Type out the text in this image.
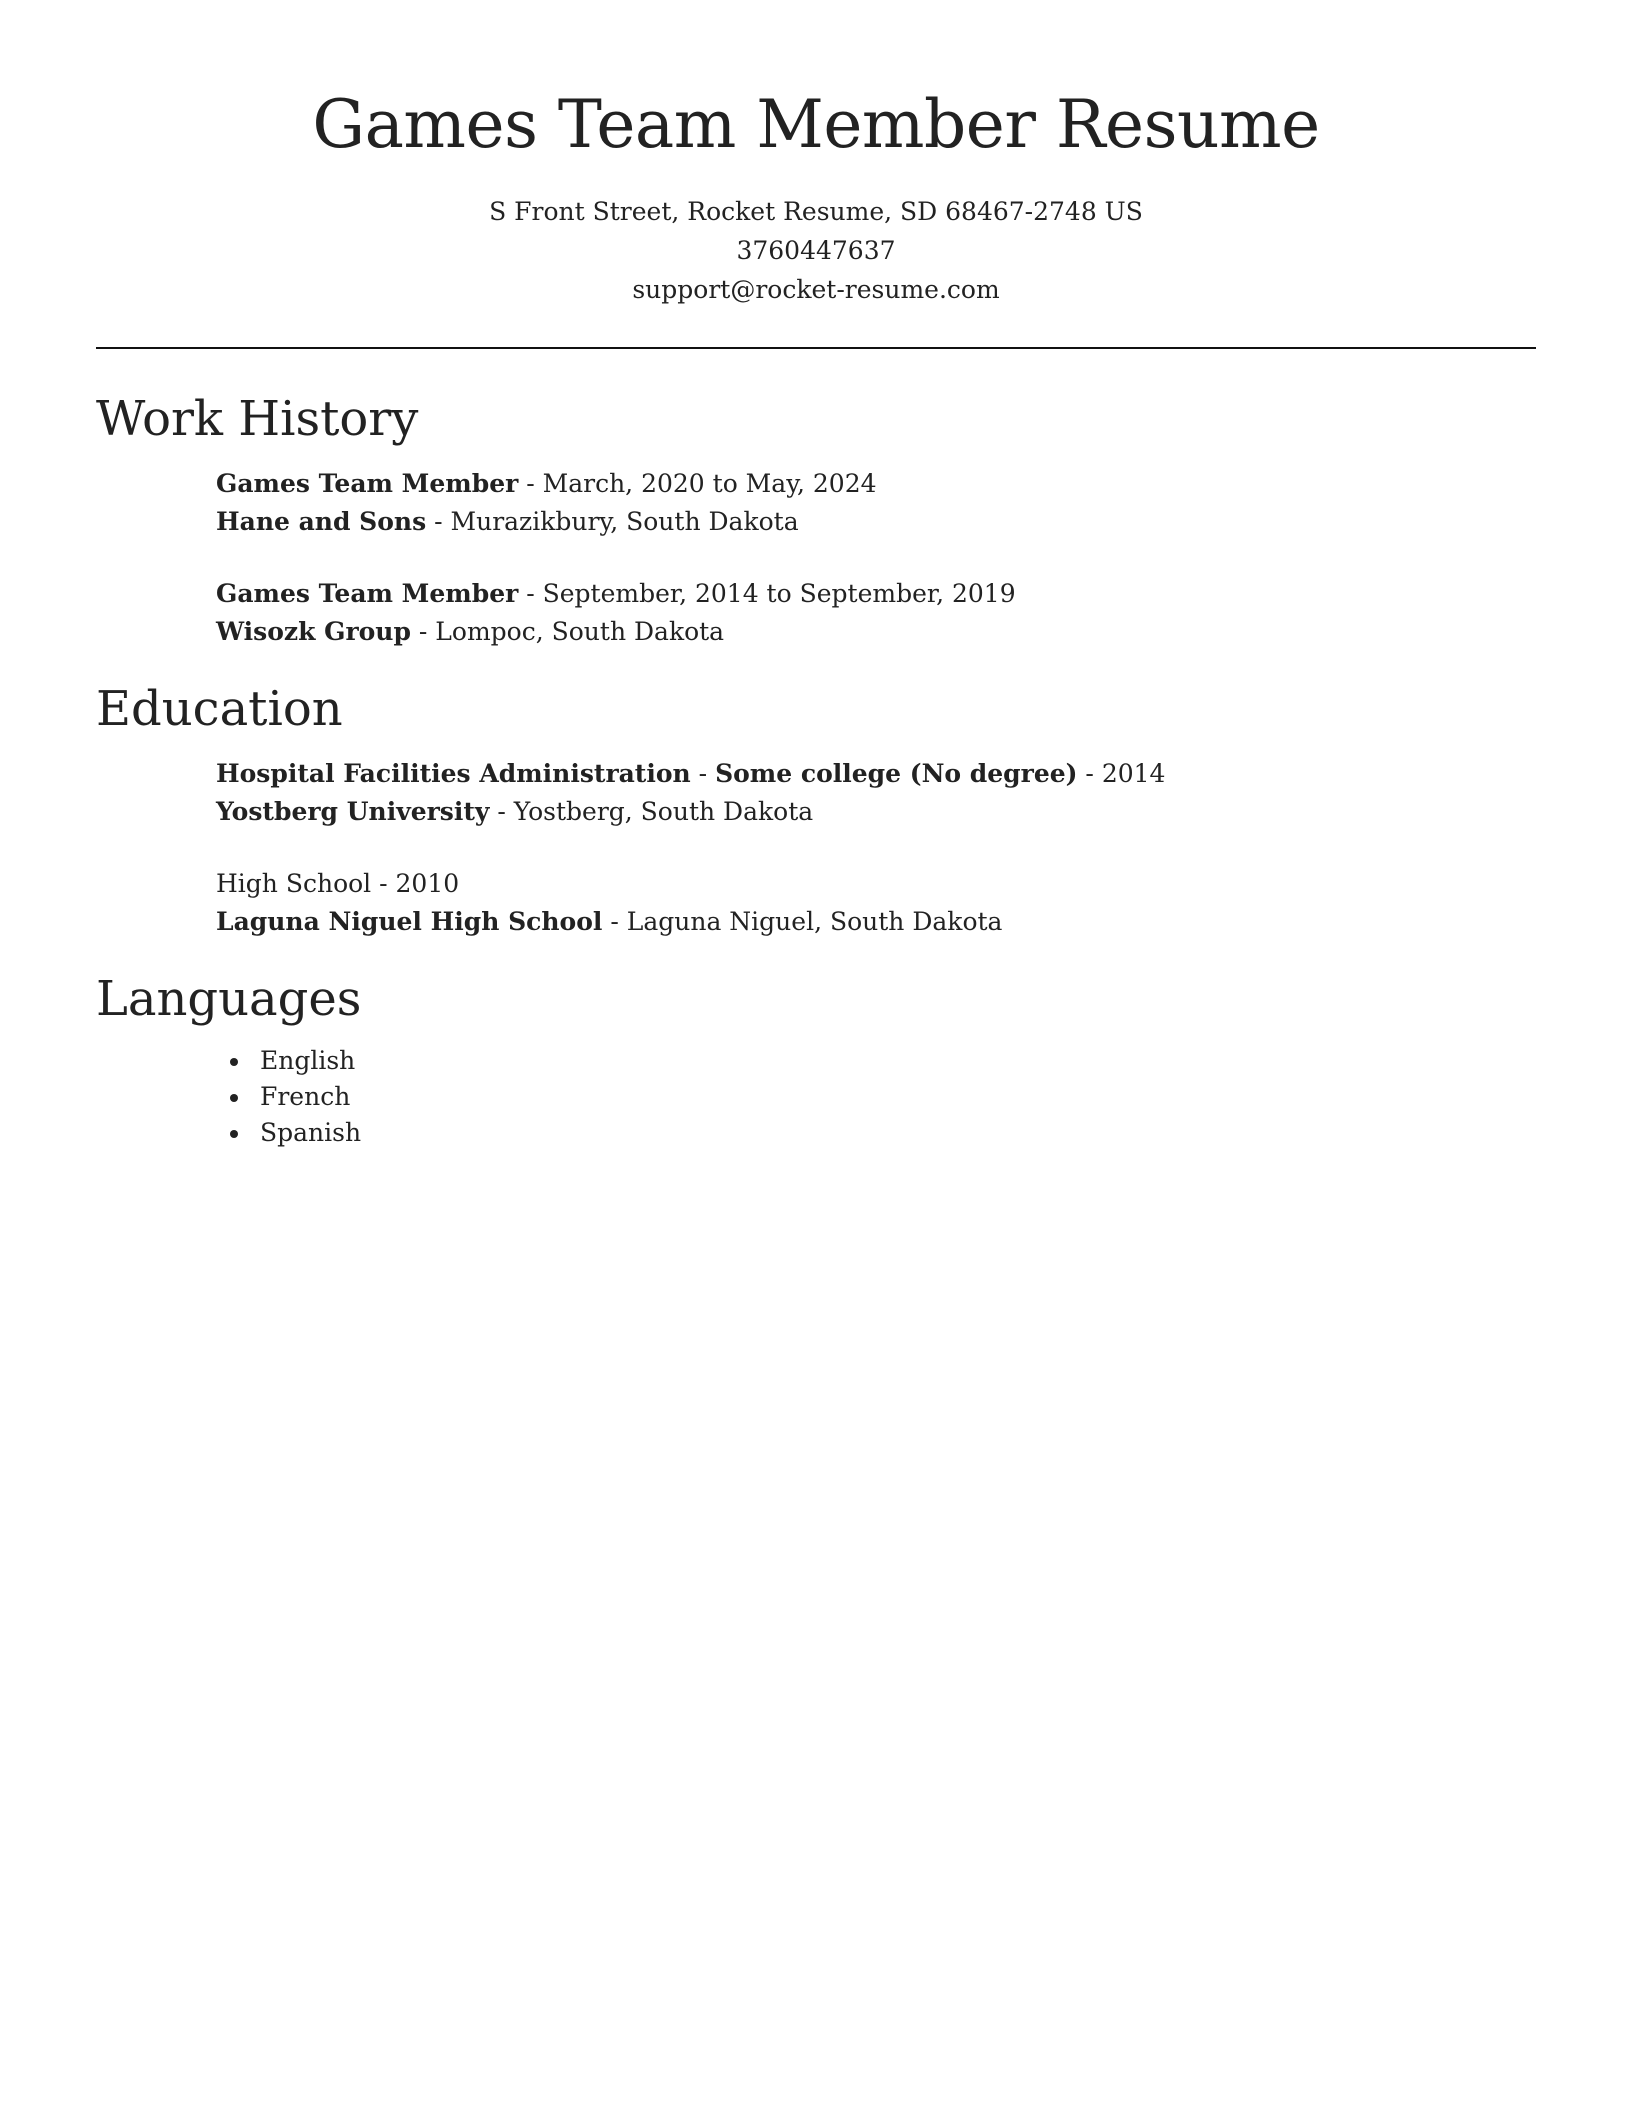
Games Team Member Resume
S Front Street, Rocket Resume, SD 68467-2748 US
3760447637
support@rocket-resume.com
Work History
Games Team Member - March, 2020 to May, 2024
Hane and Sons - Murazikbury, South Dakota
Games Team Member - September, 2014 to September, 2019
Wisozk Group - Lompoc, South Dakota
Education
Hospital Facilities Administration - Some college (No degree) - 2014
Yostberg University - Yostberg, South Dakota
High School - 2010
Laguna Niguel High School - Laguna Niguel, South Dakota
Languages
English
French
Spanish
